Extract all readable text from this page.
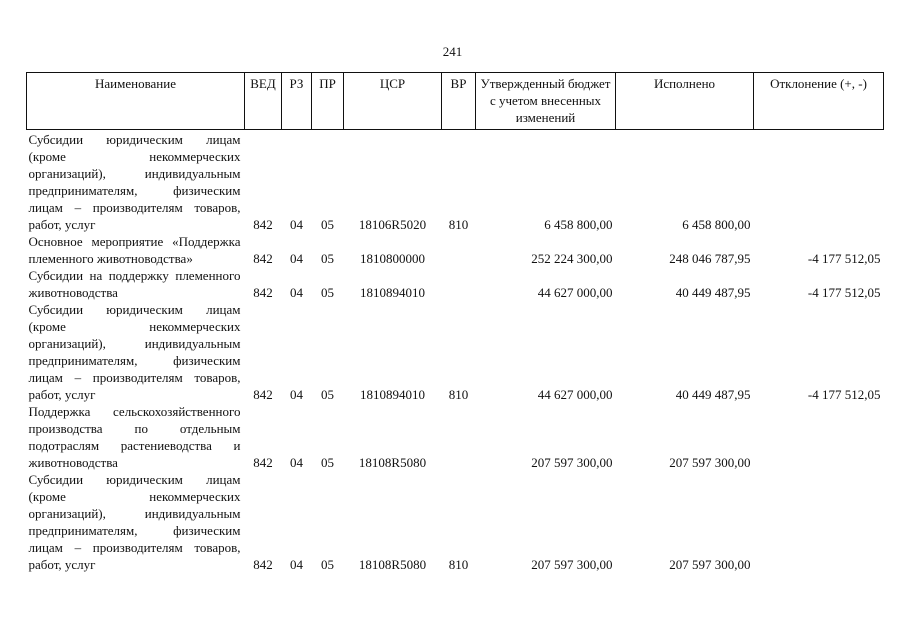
241
Наименование	ВЕД	РЗ	ПР	ЦСР	ВР	Утвержденный бюджет с учетом внесенных изменений	Исполнено	Отклонение (+, -)
Субсидии юридическим лицам (кроме некоммерческих организаций), индивидуальным предпринимателям, физическим лицам – производителям товаров, работ, услуг	842	04	05	18106R5020	810	6 458 800,00	6 458 800,00	
Основное мероприятие «Поддержка племенного животноводства»	842	04	05	1810800000		252 224 300,00	248 046 787,95	-4 177 512,05
Субсидии на поддержку племенного животноводства	842	04	05	1810894010		44 627 000,00	40 449 487,95	-4 177 512,05
Субсидии юридическим лицам (кроме некоммерческих организаций), индивидуальным предпринимателям, физическим лицам – производителям товаров, работ, услуг	842	04	05	1810894010	810	44 627 000,00	40 449 487,95	-4 177 512,05
Поддержка сельскохозяйственного производства по отдельным подотраслям растениеводства и животноводства	842	04	05	18108R5080		207 597 300,00	207 597 300,00	
Субсидии юридическим лицам (кроме некоммерческих организаций), индивидуальным предпринимателям, физическим лицам – производителям товаров, работ, услуг	842	04	05	18108R5080	810	207 597 300,00	207 597 300,00	
